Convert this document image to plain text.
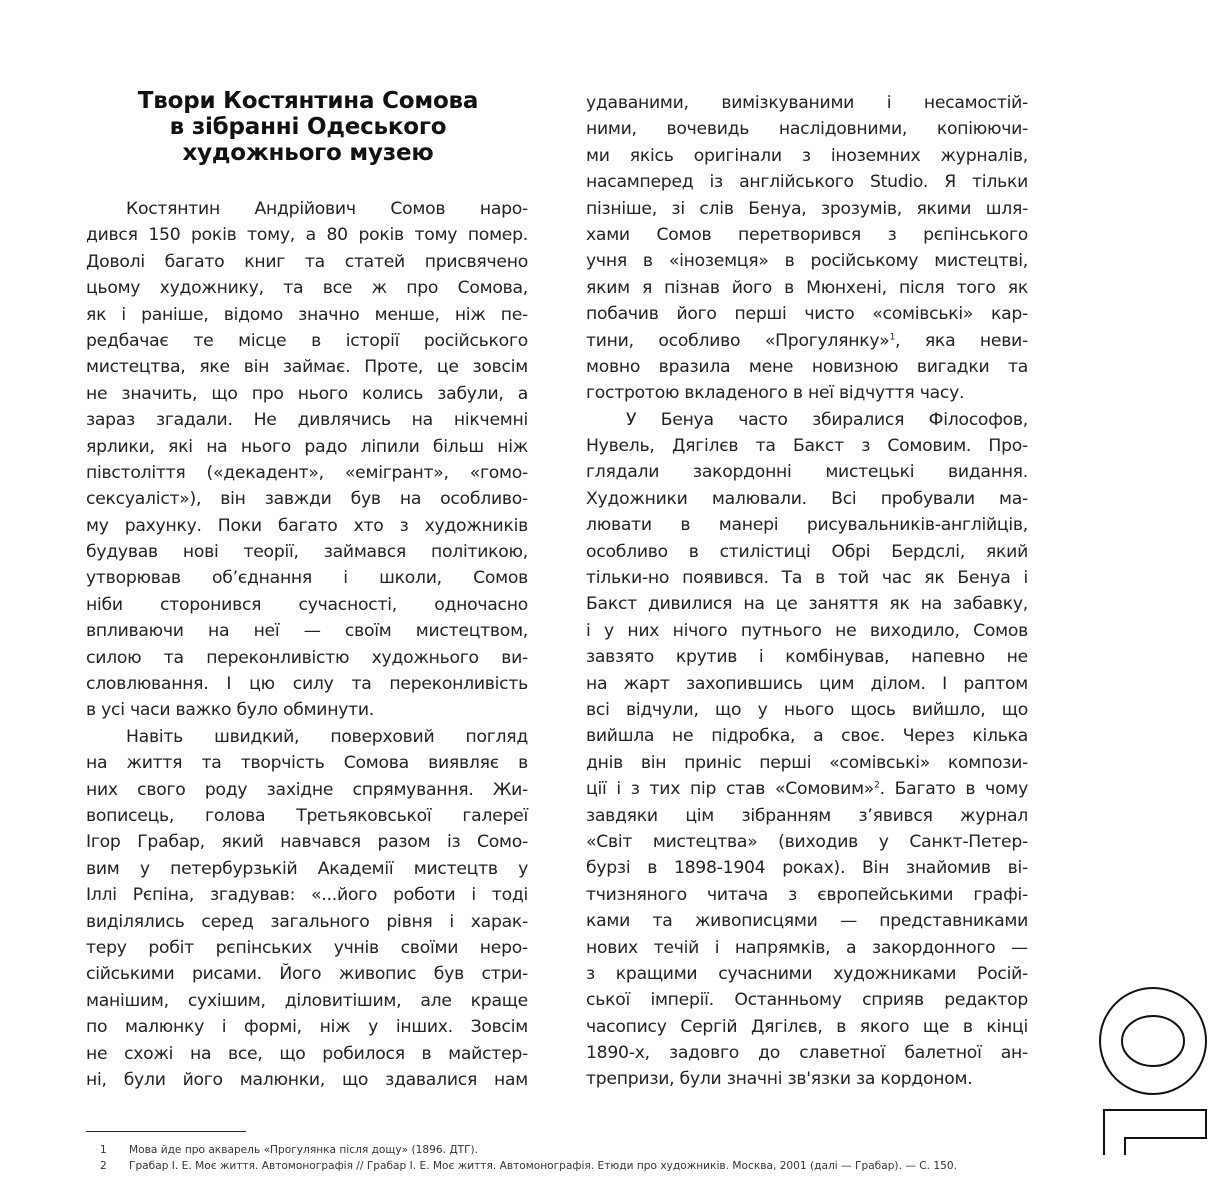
Твори Костянтина Сомова
в зібранні Одеського
художнього музею
Костянтин Андрійович Сомов наро-
дився 150 років тому, а 80 років тому помер.
Доволі багато книг та статей присвячено
цьому художнику, та все ж про Сомова,
як і раніше, відомо значно менше, ніж пе-
редбачає те місце в історії російського
мистецтва, яке він займає. Проте, це зовсім
не значить, що про нього колись забули, а
зараз згадали. Не дивлячись на нікчемні
ярлики, які на нього радо ліпили більш ніж
півстоліття («декадент», «емігрант», «гомо-
сексуаліст»), він завжди був на особливо-
му рахунку. Поки багато хто з художників
будував нові теорії, займався політикою,
утворював об’єднання і школи, Сомов
ніби сторонився сучасності, одночасно
впливаючи на неї — своїм мистецтвом,
силою та переконливістю художнього ви-
словлювання. І цю силу та переконливість
в усі часи важко було обминути.
Навіть швидкий, поверховий погляд
на життя та творчість Сомова виявляє в
них свого роду західне спрямування. Жи-
вописець, голова Третьяковської галереї
Ігор Грабар, який навчався разом із Сомо-
вим у петербурзькій Академії мистецтв у
Іллі Рєпіна, згадував: «...його роботи і тоді
виділялись серед загального рівня і харак-
теру робіт рєпінських учнів своїми неро-
сійськими рисами. Його живопис був стри-
манішим, сухішим, діловитішим, але краще
по малюнку і формі, ніж у інших. Зовсім
не схожі на все, що робилося в майстер-
ні, були його малюнки, що здавалися нам
удаваними, вимізкуваними і несамостій-
ними, вочевидь наслідовними, копіюючи-
ми якісь оригінали з іноземних журналів,
насамперед із англійського Studio. Я тільки
пізніше, зі слів Бенуа, зрозумів, якими шля-
хами Сомов перетворився з рєпінського
учня в «іноземця» в російському мистецтві,
яким я пізнав його в Мюнхені, після того як
побачив його перші чисто «сомівські» кар-
тини, особливо «Прогулянку»$^1$, яка неви-
мовно вразила мене новизною вигадки та
гостротою вкладеного в неї відчуття часу.
У Бенуа часто збиралися Філософов,
Нувель, Дягілєв та Бакст з Сомовим. Про-
глядали закордонні мистецькі видання.
Художники малювали. Всі пробували ма-
лювати в манері рисувальників-англійців,
особливо в стилістиці Обрі Бердслі, який
тільки-но появився. Та в той час як Бенуа і
Бакст дивилися на це заняття як на забавку,
і у них нічого путнього не виходило, Сомов
завзято крутив і комбінував, напевно не
на жарт захопившись цим ділом. І раптом
всі відчули, що у нього щось вийшло, що
вийшла не підробка, а своє. Через кілька
днів він приніс перші «сомівські» компози-
ції і з тих пір став «Сомовим»$^2$. Багато в чому
завдяки цім зібранням з’явився журнал
«Світ мистецтва» (виходив у Санкт-Петер-
бурзі в 1898-1904 роках). Він знайомив ві-
тчизняного читача з європейськими графі-
ками та живописцями — представниками
нових течій і напрямків, а закордонного —
з кращими сучасними художниками Росій-
ської імперії. Останньому сприяв редактор
часопису Сергій Дягілєв, в якого ще в кінці
1890-х, задовго до славетної балетної ан-
трепризи, були значні зв'язки за кордоном.
1	Мова йде про акварель «Прогулянка після дощу» (1896. ДТГ).
2	Грабар І. Е. Моє життя. Автомонографія // Грабар І. Е. Моє життя. Автомонографія. Етюди про художників. Москва, 2001 (далі — Грабар). — С. 150.
